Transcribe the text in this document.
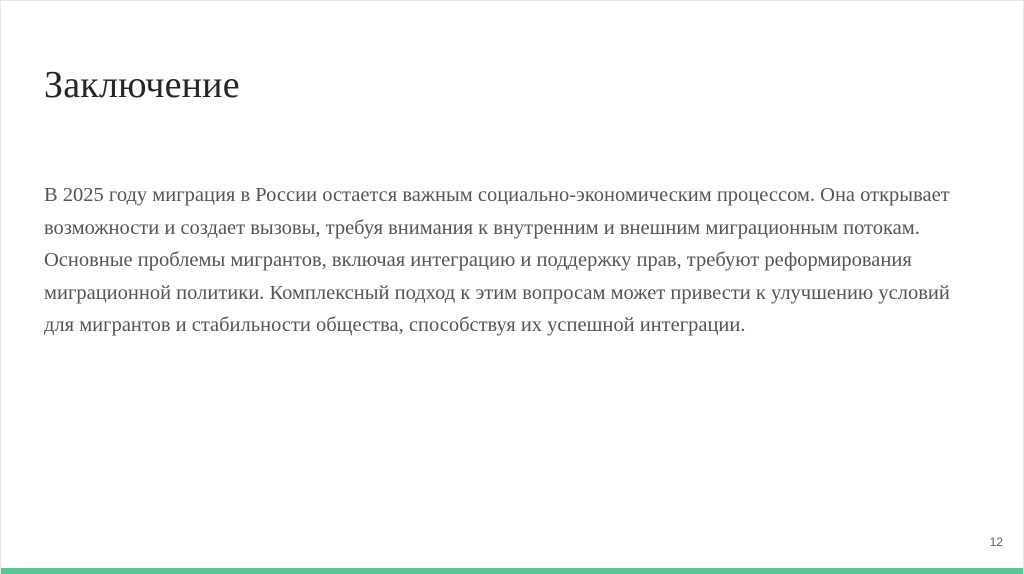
Заключение

В 2025 году миграция в России остается важным социально-экономическим процессом. Она открывает возможности и создает вызовы, требуя внимания к внутренним и внешним миграционным потокам. Основные проблемы мигрантов, включая интеграцию и поддержку прав, требуют реформирования миграционной политики. Комплексный подход к этим вопросам может привести к улучшению условий для мигрантов и стабильности общества, способствуя их успешной интеграции.

12
